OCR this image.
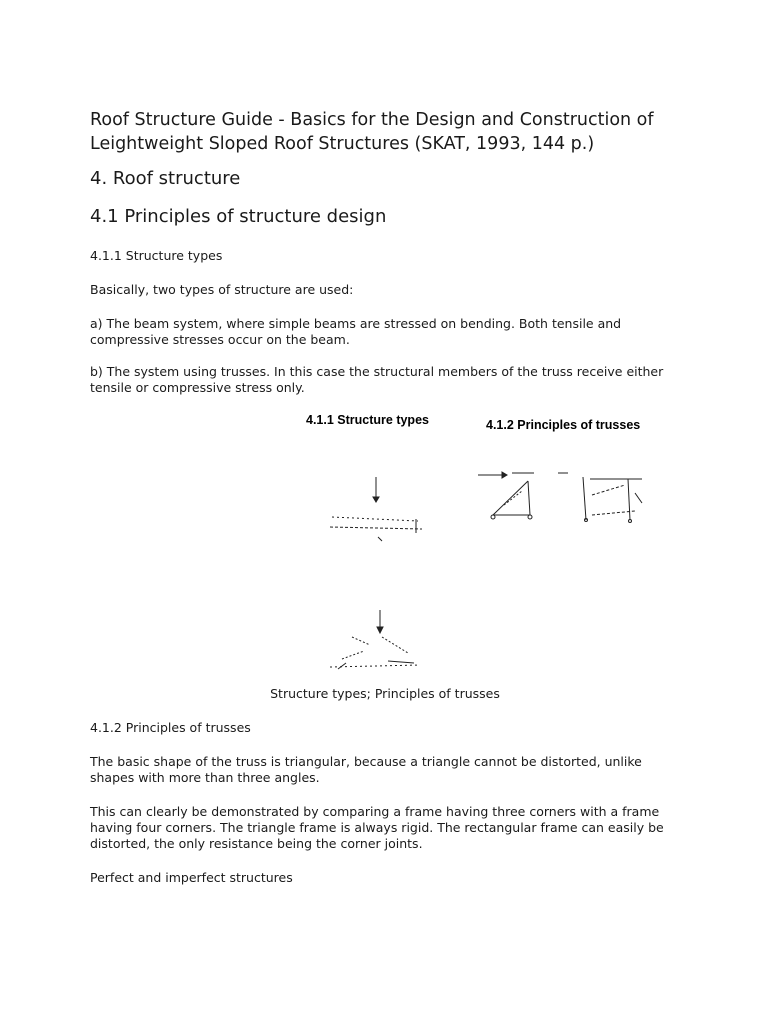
Roof Structure Guide - Basics for the Design and Construction of Leightweight Sloped Roof Structures (SKAT, 1993, 144 p.)
4. Roof structure
4.1 Principles of structure design

4.1.1 Structure types

Basically, two types of structure are used:

a) The beam system, where simple beams are stressed on bending. Both tensile and compressive stresses occur on the beam.

b) The system using trusses. In this case the structural members of the truss receive either tensile or compressive stress only.

4.1.1 Structure types	4.1.2 Principles of trusses

Structure types; Principles of trusses

4.1.2 Principles of trusses

The basic shape of the truss is triangular, because a triangle cannot be distorted, unlike shapes with more than three angles.

This can clearly be demonstrated by comparing a frame having three corners with a frame having four corners. The triangle frame is always rigid. The rectangular frame can easily be distorted, the only resistance being the corner joints.

Perfect and imperfect structures
